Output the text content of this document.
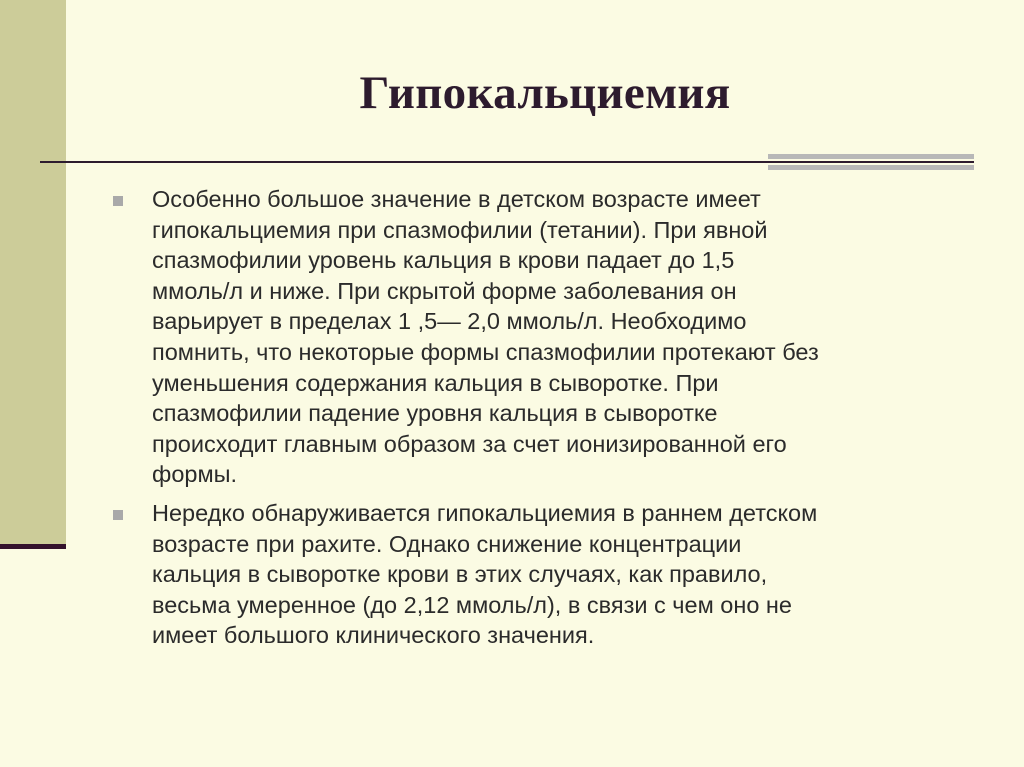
Гипокальциемия
Особенно большое значение в детском возрасте имеет
гипокальциемия при спазмофилии (тетании). При явной
спазмофилии уровень кальция в крови падает до 1,5
ммоль/л и ниже. При скрытой форме заболевания он
варьирует в пределах 1 ,5— 2,0 ммоль/л. Необходимо
помнить, что некоторые формы спазмофилии протекают без
уменьшения содержания кальция в сыворотке. При
спазмофилии падение уровня кальция в сыворотке
происходит главным образом за счет ионизированной его
формы.
Нередко обнаруживается гипокальциемия в раннем детском
возрасте при рахите. Однако снижение концентрации
кальция в сыворотке крови в этих случаях, как правило,
весьма умеренное (до 2,12 ммоль/л), в связи с чем оно не
имеет большого клинического значения.
